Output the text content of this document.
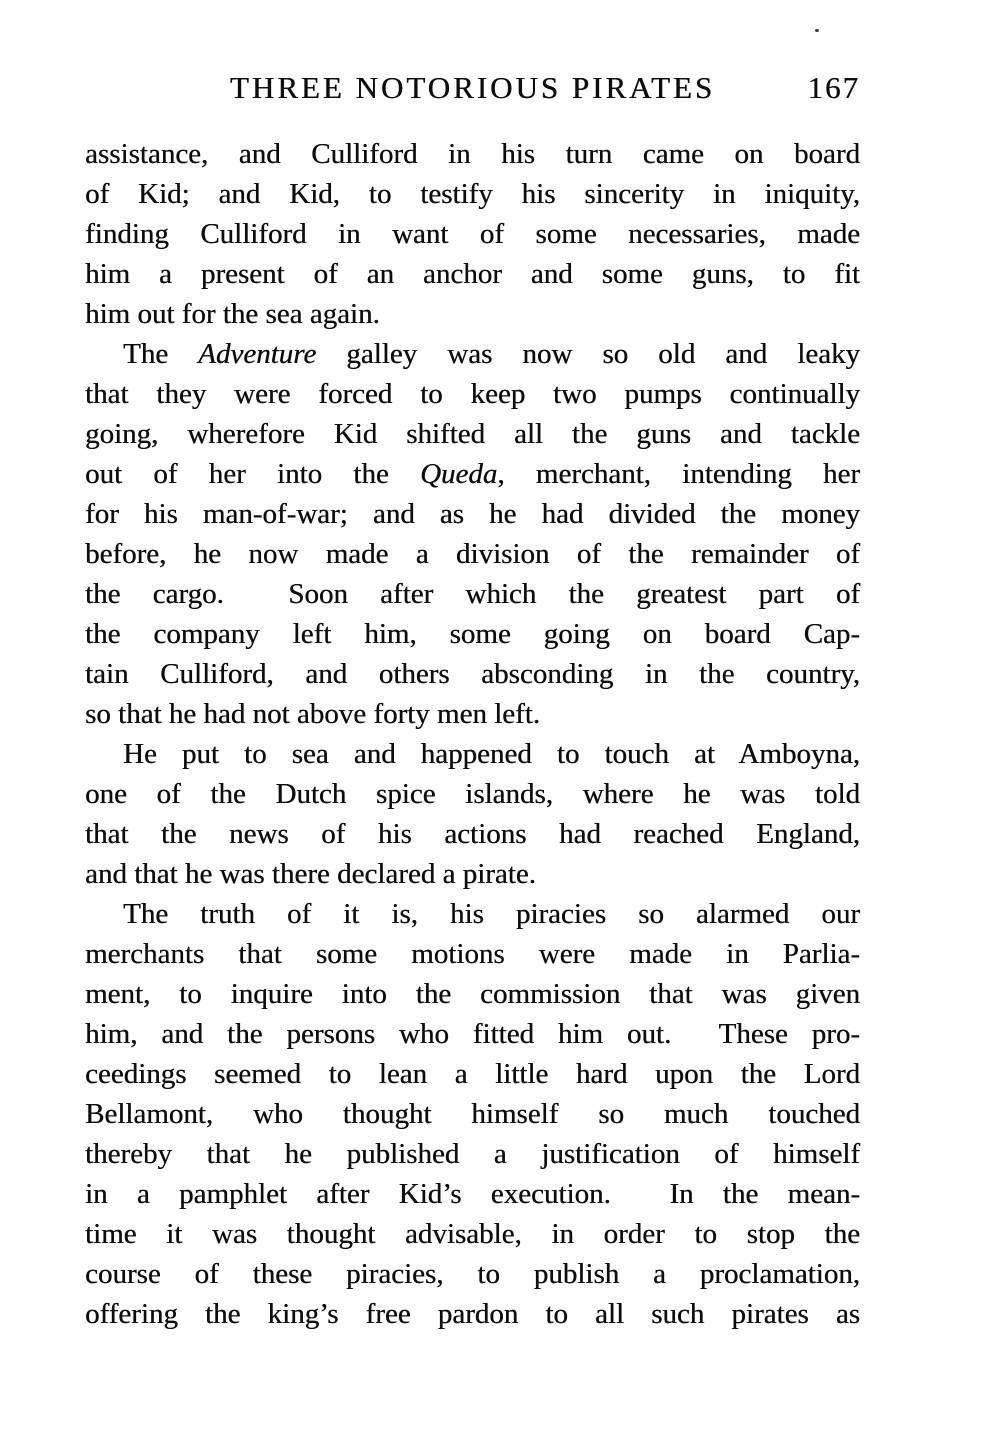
THREE NOTORIOUS PIRATES	167
assistance, and Culliford in his turn came on board
of Kid; and Kid, to testify his sincerity in iniquity,
finding Culliford in want of some necessaries, made
him a present of an anchor and some guns, to fit
him out for the sea again.
The Adventure galley was now so old and leaky
that they were forced to keep two pumps continually
going, wherefore Kid shifted all the guns and tackle
out of her into the Queda, merchant, intending her
for his man-of-war; and as he had divided the money
before, he now made a division of the remainder of
the cargo.  Soon after which the greatest part of
the company left him, some going on board Cap-
tain Culliford, and others absconding in the country,
so that he had not above forty men left.
He put to sea and happened to touch at Amboyna,
one of the Dutch spice islands, where he was told
that the news of his actions had reached England,
and that he was there declared a pirate.
The truth of it is, his piracies so alarmed our
merchants that some motions were made in Parlia-
ment, to inquire into the commission that was given
him, and the persons who fitted him out.  These pro-
ceedings seemed to lean a little hard upon the Lord
Bellamont, who thought himself so much touched
thereby that he published a justification of himself
in a pamphlet after Kid’s execution.  In the mean-
time it was thought advisable, in order to stop the
course of these piracies, to publish a proclamation,
offering the king’s free pardon to all such pirates as
